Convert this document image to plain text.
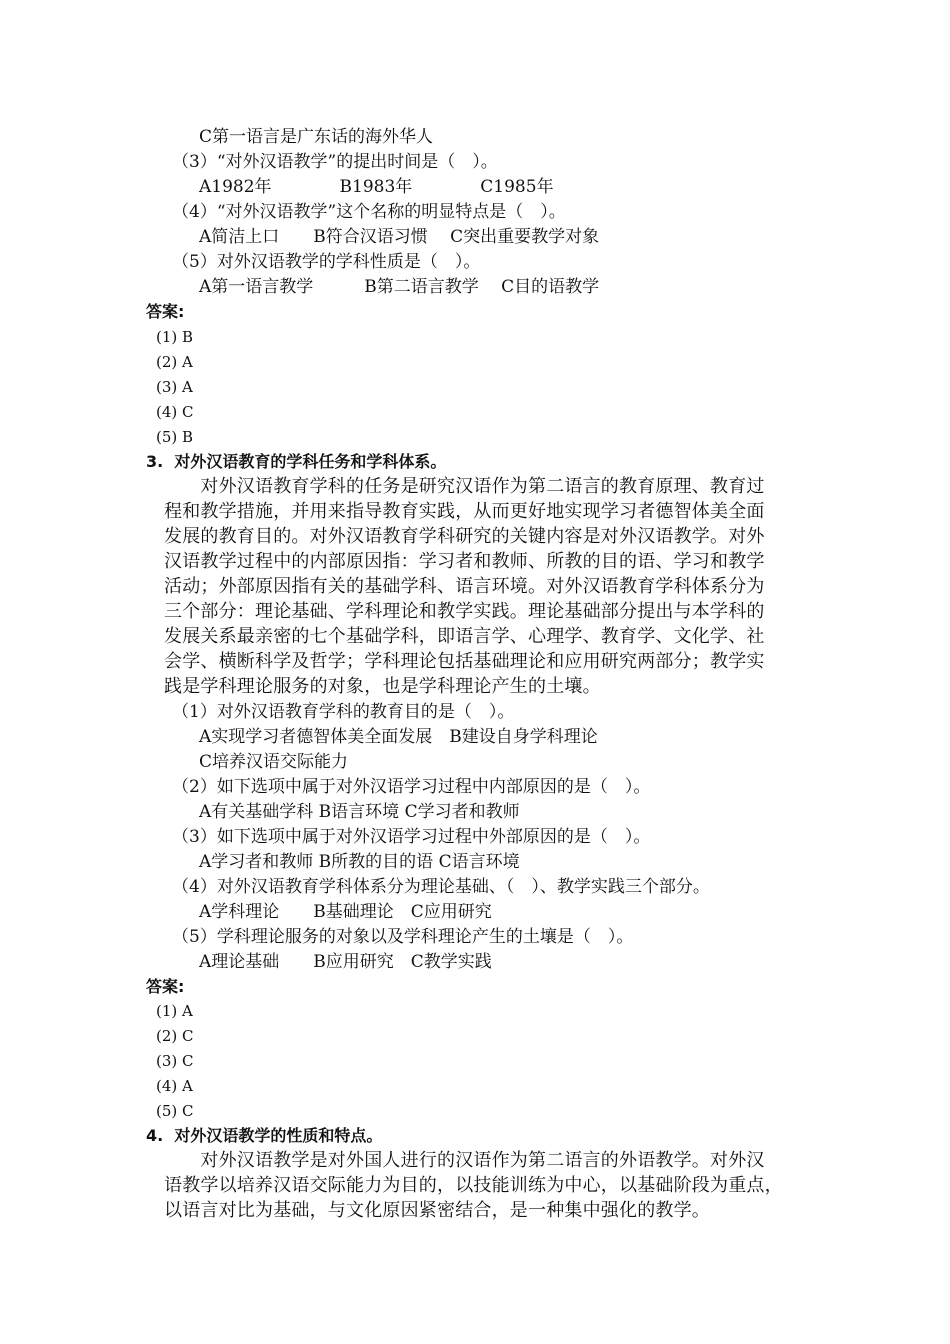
C第一语言是广东话的海外华人
（3）“对外汉语教学”的提出时间是（　）。
A1982年　　　　B1983年　　　　C1985年
（4）“对外汉语教学”这个名称的明显特点是（　）。
A简洁上口　　B符合汉语习惯　 C突出重要教学对象
（5）对外汉语教学的学科性质是（　）。
A第一语言教学　　　B第二语言教学　 C目的语教学
答案:
(1) B
(2) A
(3) A
(4) C
(5) B
3.  对外汉语教育的学科任务和学科体系。
　　对外汉语教育学科的任务是研究汉语作为第二语言的教育原理、教育过
程和教学措施，并用来指导教育实践，从而更好地实现学习者德智体美全面
发展的教育目的。对外汉语教育学科研究的关键内容是对外汉语教学。对外
汉语教学过程中的内部原因指：学习者和教师、所教的目的语、学习和教学
活动；外部原因指有关的基础学科、语言环境。对外汉语教育学科体系分为
三个部分：理论基础、学科理论和教学实践。理论基础部分提出与本学科的
发展关系最亲密的七个基础学科，即语言学、心理学、教育学、文化学、社
会学、横断科学及哲学；学科理论包括基础理论和应用研究两部分；教学实
践是学科理论服务的对象，也是学科理论产生的土壤。
（1）对外汉语教育学科的教育目的是（　）。
A实现学习者德智体美全面发展　B建设自身学科理论
C培养汉语交际能力
（2）如下选项中属于对外汉语学习过程中内部原因的是（　）。
A有关基础学科 B语言环境 C学习者和教师
（3）如下选项中属于对外汉语学习过程中外部原因的是（　）。
A学习者和教师 B所教的目的语 C语言环境
（4）对外汉语教育学科体系分为理论基础、（　）、教学实践三个部分。
A学科理论　　B基础理论　C应用研究
（5）学科理论服务的对象以及学科理论产生的土壤是（　）。
A理论基础　　B应用研究　C教学实践
答案:
(1) A
(2) C
(3) C
(4) A
(5) C
4.  对外汉语教学的性质和特点。
　　对外汉语教学是对外国人进行的汉语作为第二语言的外语教学。对外汉
语教学以培养汉语交际能力为目的，以技能训练为中心，以基础阶段为重点，
以语言对比为基础，与文化原因紧密结合，是一种集中强化的教学。
